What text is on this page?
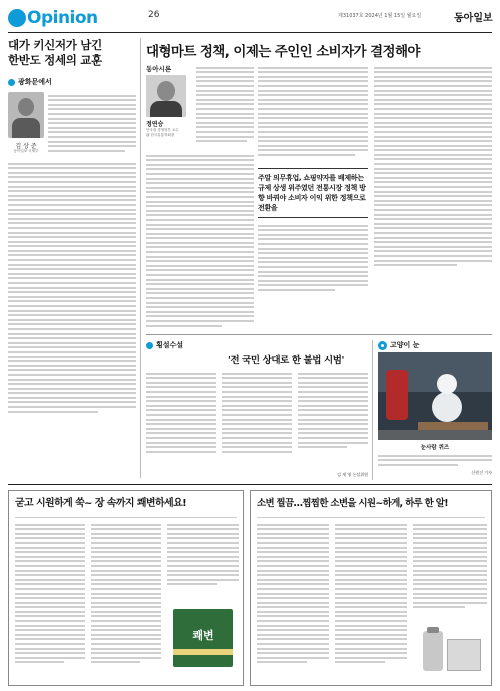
Opinion	26	제31037호 2024년 1월 15일 월요일	동아일보
대가 키신저가 남긴
한반도 정세의 교훈
광화문에서
김 상 준
동아일보 국제부
대형마트 정책, 이제는 주인인 소비자가 결정해야
동아시론
정연승
단국대 경영학부 교수
前 한국유통학회장
주말 의무휴업, 쇼핑약자를 배제하는 규제 상생 위주였던 전통시장 정책 방향 바꿔야 소비자 이익 위한 정책으로 전환을
횡설수설
'전 국민 상대로 한 불법 시범'
김 재 영 논설위원
고양이 눈
눈사람 퀴즈
신원건 기자
굳고 시원하게 쑥~ 장 속까지 쾌변하세요!
쾌변
소변 찔끔…찜찜한 소변을 시원~하게, 하루 한 알!
